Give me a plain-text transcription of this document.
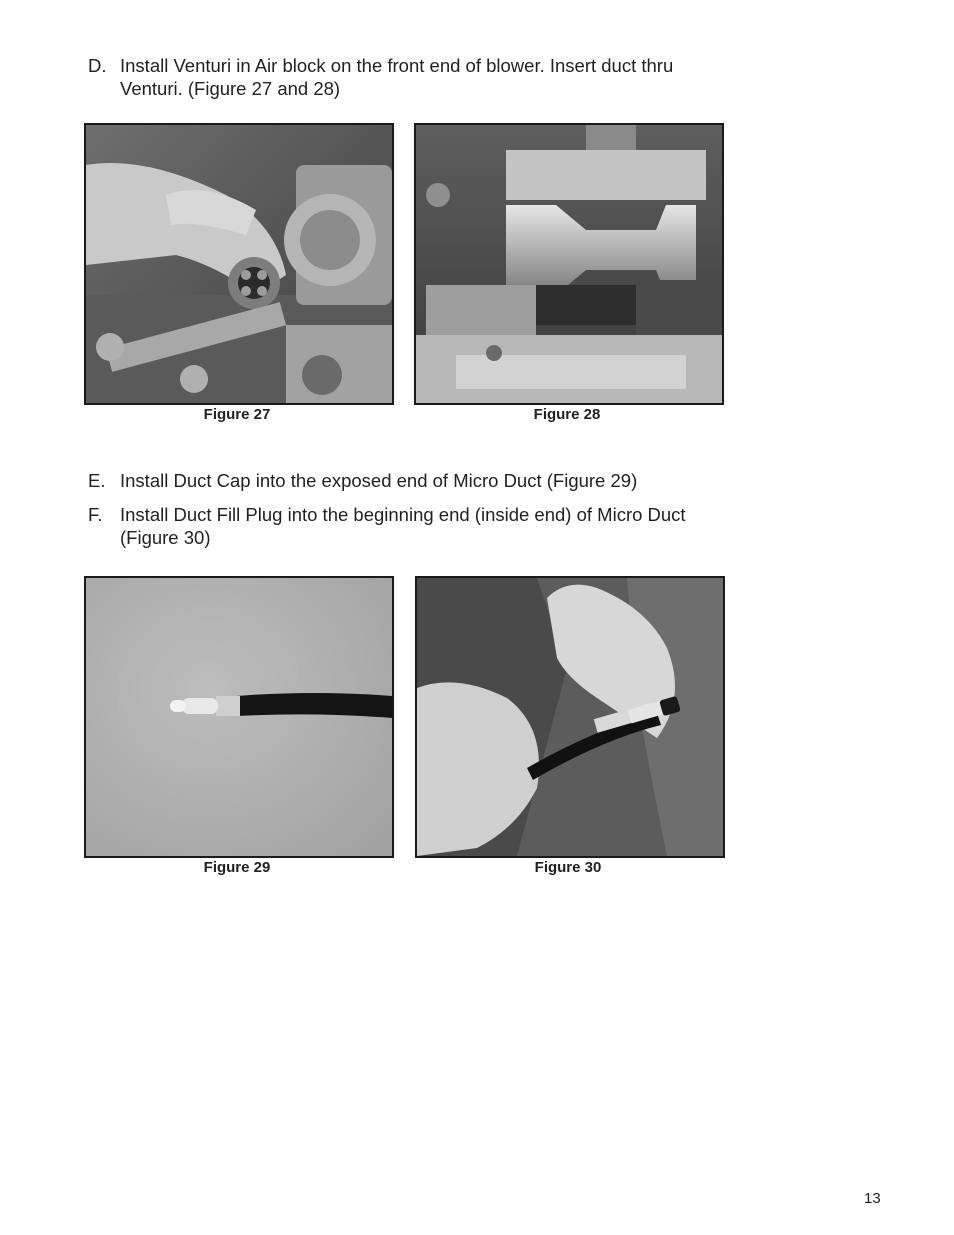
D. Install Venturi in Air block on the front end of blower. Insert duct thru Venturi. (Figure 27 and 28)
Figure 27	Figure 28
E. Install Duct Cap into the exposed end of Micro Duct (Figure 29)
F. Install Duct Fill Plug into the beginning end (inside end) of Micro Duct (Figure 30)
Figure 29	Figure 30
13
